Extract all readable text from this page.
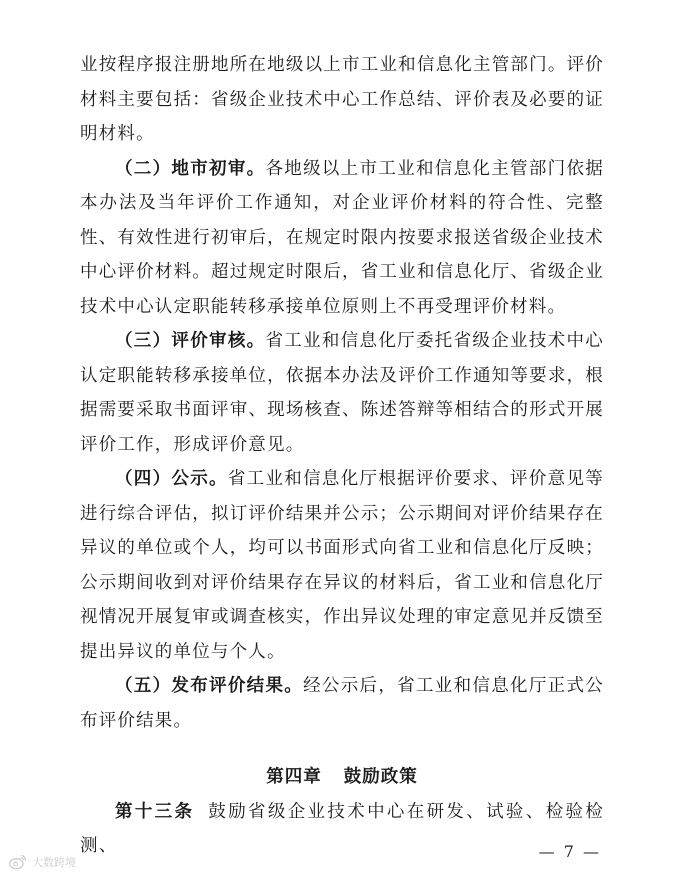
业按程序报注册地所在地级以上市工业和信息化主管部门。评价材料主要包括：省级企业技术中心工作总结、评价表及必要的证明材料。

（二）地市初审。各地级以上市工业和信息化主管部门依据本办法及当年评价工作通知，对企业评价材料的符合性、完整性、有效性进行初审后，在规定时限内按要求报送省级企业技术中心评价材料。超过规定时限后，省工业和信息化厅、省级企业技术中心认定职能转移承接单位原则上不再受理评价材料。

（三）评价审核。省工业和信息化厅委托省级企业技术中心认定职能转移承接单位，依据本办法及评价工作通知等要求，根据需要采取书面评审、现场核查、陈述答辩等相结合的形式开展评价工作，形成评价意见。

（四）公示。省工业和信息化厅根据评价要求、评价意见等进行综合评估，拟订评价结果并公示；公示期间对评价结果存在异议的单位或个人，均可以书面形式向省工业和信息化厅反映；公示期间收到对评价结果存在异议的材料后，省工业和信息化厅视情况开展复审或调查核实，作出异议处理的审定意见并反馈至提出异议的单位与个人。

（五）发布评价结果。经公示后，省工业和信息化厅正式公布评价结果。

第四章 鼓励政策

第十三条 鼓励省级企业技术中心在研发、试验、检验检测、	— 7 —
大数跨境
